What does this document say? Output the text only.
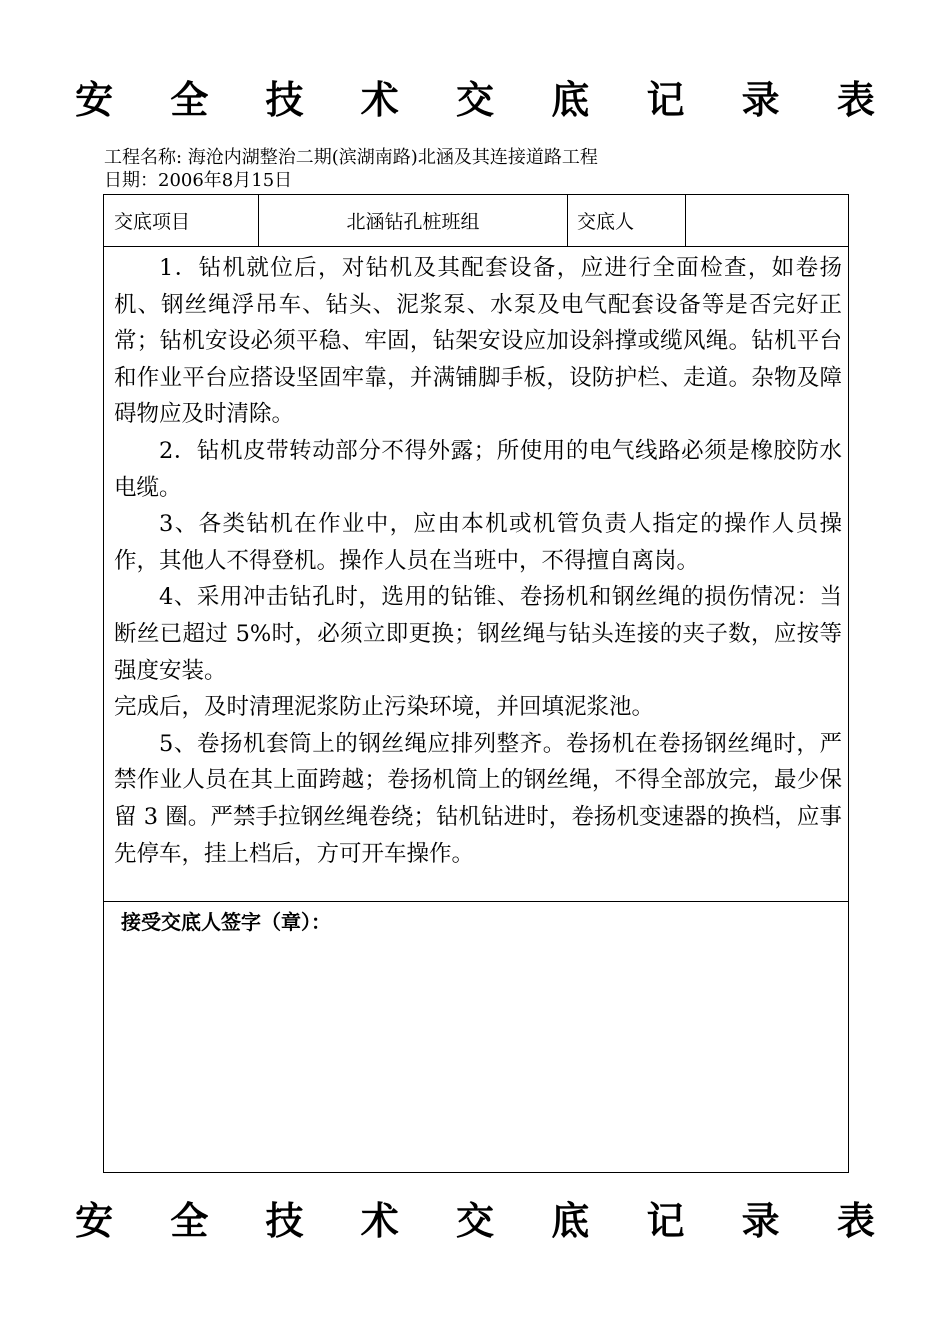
安 全 技 术 交 底 记 录 表
工程名称: 海沧内湖整治二期(滨湖南路)北涵及其连接道路工程
日期：2006年8月15日
交底项目	北涵钻孔桩班组	交底人

1．钻机就位后，对钻机及其配套设备，应进行全面检查，如卷扬机、钢丝绳浮吊车、钻头、泥浆泵、水泵及电气配套设备等是否完好正常；钻机安设必须平稳、牢固，钻架安设应加设斜撑或缆风绳。钻机平台和作业平台应搭设坚固牢靠，并满铺脚手板，设防护栏、走道。杂物及障碍物应及时清除。

2．钻机皮带转动部分不得外露；所使用的电气线路必须是橡胶防水电缆。

3、各类钻机在作业中，应由本机或机管负责人指定的操作人员操作，其他人不得登机。操作人员在当班中，不得擅自离岗。

4、采用冲击钻孔时，选用的钻锥、卷扬机和钢丝绳的损伤情况：当断丝已超过 5%时，必须立即更换；钢丝绳与钻头连接的夹子数，应按等强度安装。

完成后，及时清理泥浆防止污染环境，并回填泥浆池。

5、卷扬机套筒上的钢丝绳应排列整齐。卷扬机在卷扬钢丝绳时，严禁作业人员在其上面跨越；卷扬机筒上的钢丝绳，不得全部放完，最少保留 3 圈。严禁手拉钢丝绳卷绕；钻机钻进时，卷扬机变速器的换档，应事先停车，挂上档后，方可开车操作。

接受交底人签字（章）：
安 全 技 术 交 底 记 录 表
